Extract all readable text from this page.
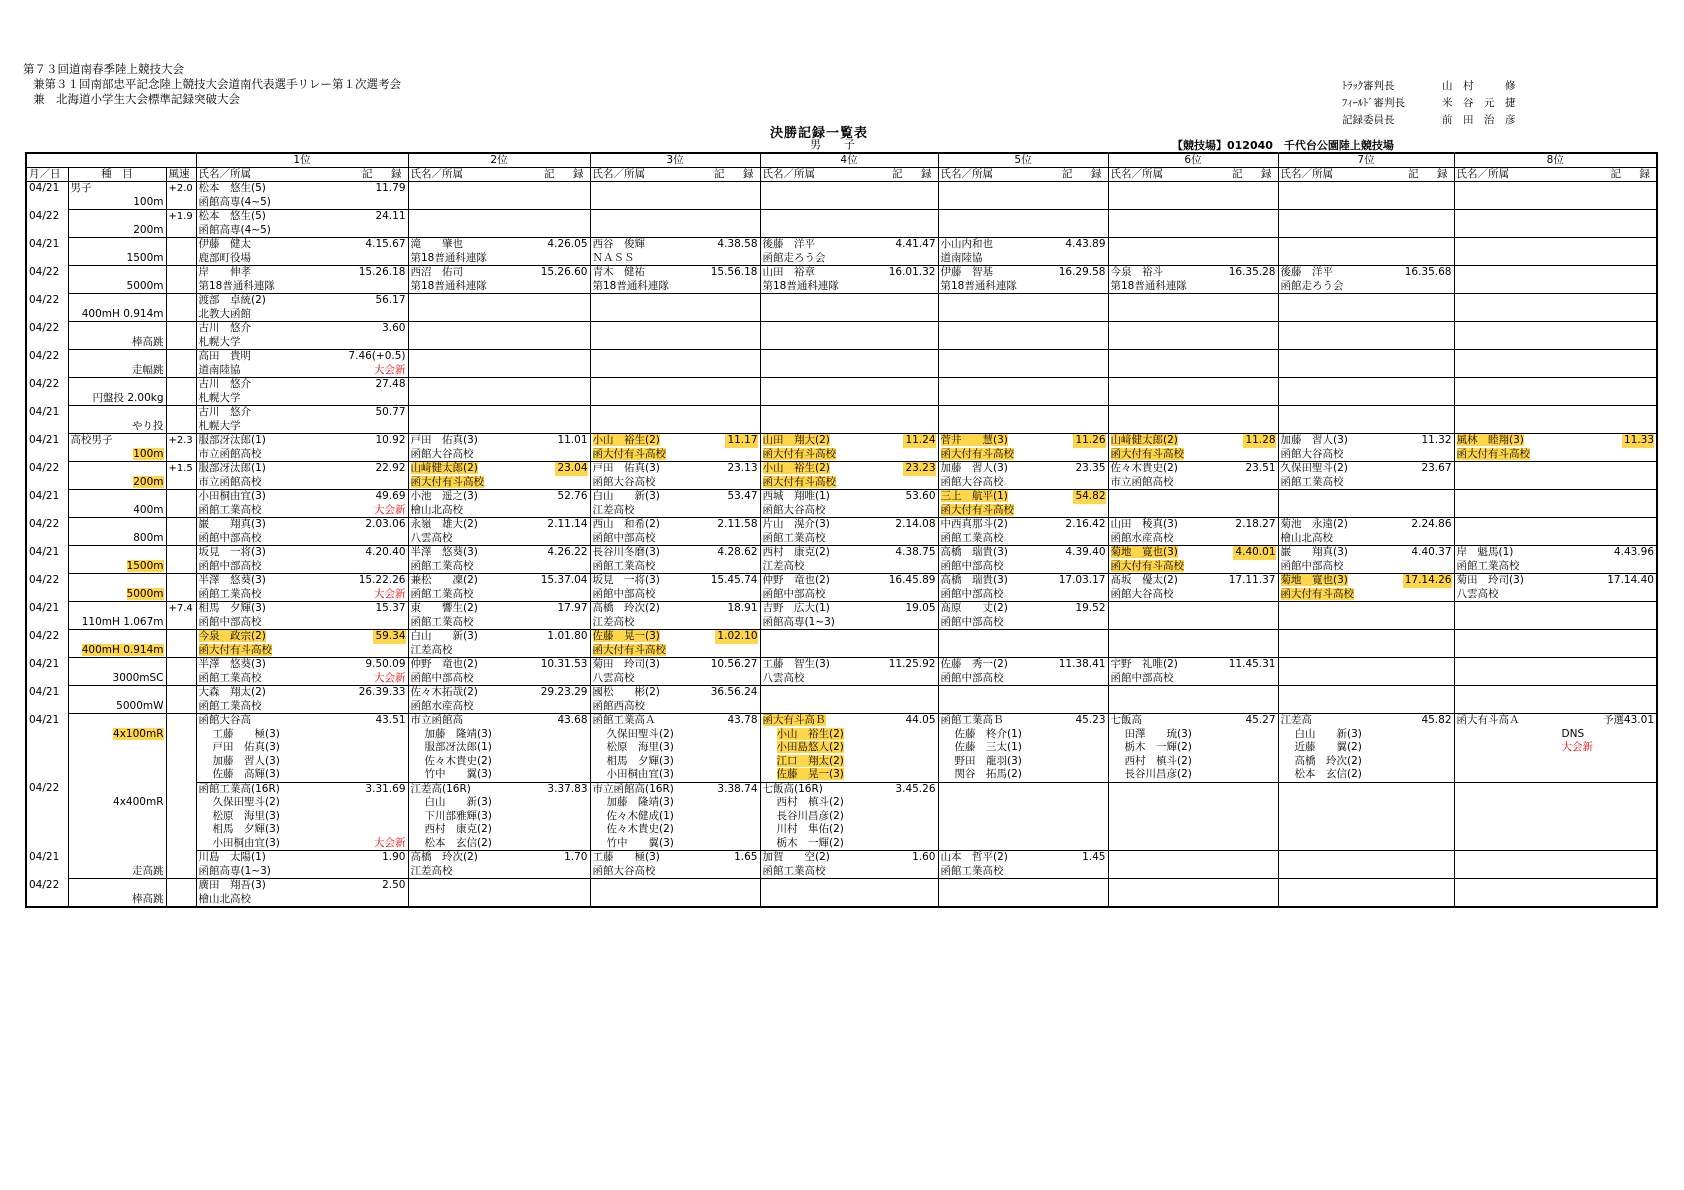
第７３回道南春季陸上競技大会
兼第３１回南部忠平記念陸上競技大会道南代表選手リレー第１次選考会
兼　北海道小学生大会標準記録突破大会
ﾄﾗｯｸ審判長	山　村　　　修
ﾌｨｰﾙﾄﾞ審判長	米　谷　元　捷
記録委員長	前　田　治　彦
決勝記録一覧表
男　子	【競技場】012040　千代台公園陸上競技場
			1位	2位	3位	4位	5位	6位	7位	8位
月／日	種　目	風速	氏名／所属 記　録	氏名／所属 記　録	氏名／所属 記　録	氏名／所属 記　録	氏名／所属 記　録	氏名／所属 記　録	氏名／所属 記　録	氏名／所属 記　録

04/21	男子	+2.0	松本　悠生(5) 11.79							

	100m		函館高専(4~5)							

04/22		+1.9	松本　悠生(5) 24.11							

	200m		函館高専(4~5)							

04/21			伊藤　健太 4.15.67	滝　　肇也 4.26.05	西谷　俊輝 4.38.58	後藤　洋平 4.41.47	小山内和也 4.43.89			

	1500m		鹿部町役場	第18普通科連隊	ＮＡＳＳ	函館走ろう会	道南陸協			

04/22			岸　　伸孝 15.26.18	西沼　佑司 15.26.60	青木　健祐 15.56.18	山田　裕章 16.01.32	伊藤　智基 16.29.58	今泉　裕斗 16.35.28	後藤　洋平 16.35.68	

	5000m		第18普通科連隊	第18普通科連隊	第18普通科連隊	第18普通科連隊	第18普通科連隊	第18普通科連隊	函館走ろう会	

04/22			渡部　卓統(2) 56.17							

	400mH 0.914m		北教大函館							

04/22			古川　悠介 3.60							

	棒高跳		札幌大学							

04/22			高田　貴明 7.46(+0.5)							

	走幅跳		道南陸協 大会新							

04/22			古川　悠介 27.48							

	円盤投 2.00kg		札幌大学							

04/21			古川　悠介 50.77							

	やり投		札幌大学							

04/21	高校男子	+2.3	服部冴汰郎(1) 10.92	戸田　佑真(3) 11.01	小山　裕生(2) 11.17	山田　翔大(2) 11.24	菅井　　慧(3) 11.26	山﨑健太郎(2) 11.28	加藤　習人(3) 11.32	風林　睦翔(3) 11.33

	100m		市立函館高校	函館大谷高校	函大付有斗高校	函大付有斗高校	函大付有斗高校	函大付有斗高校	函館大谷高校	函大付有斗高校

04/22		+1.5	服部冴汰郎(1) 22.92	山﨑健太郎(2) 23.04	戸田　佑真(3) 23.13	小山　裕生(2) 23.23	加藤　習人(3) 23.35	佐々木貴史(2) 23.51	久保田聖斗(2) 23.67	

	200m		市立函館高校	函大付有斗高校	函館大谷高校	函大付有斗高校	函館大谷高校	市立函館高校	函館工業高校	

04/21			小田桐由宜(3) 49.69	小池　遥之(3) 52.76	白山　　新(3) 53.47	西城　翔唯(1) 53.60	三上　航平(1) 54.82			

	400m		函館工業高校 大会新	檜山北高校	江差高校	函館大谷高校	函大付有斗高校			

04/22			巌　　翔真(3) 2.03.06	永嶺　雄大(2) 2.11.14	西山　和希(2) 2.11.58	片山　滉介(3) 2.14.08	中西真那斗(2) 2.16.42	山田　稜真(3) 2.18.27	菊池　永遠(2) 2.24.86	

	800m		函館中部高校	八雲高校	函館中部高校	函館工業高校	函館工業高校	函館水産高校	檜山北高校	

04/21			坂見　一将(3) 4.20.40	半澤　悠葵(3) 4.26.22	長谷川冬磨(3) 4.28.62	西村　康克(2) 4.38.75	高橋　瑞貴(3) 4.39.40	菊地　寛也(3) 4.40.01	巌　　翔真(3) 4.40.37	岸　魁馬(1) 4.43.96

	1500m		函館中部高校	函館工業高校	函館工業高校	江差高校	函館中部高校	函大付有斗高校	函館中部高校	函館工業高校

04/22			半澤　悠葵(3) 15.22.26	兼松　　凜(2) 15.37.04	坂見　一将(3) 15.45.74	仲野　竜也(2) 16.45.89	高橋　瑞貴(3) 17.03.17	髙坂　優太(2) 17.11.37	菊地　寛也(3) 17.14.26	菊田　玲司(3) 17.14.40

	5000m		函館工業高校 大会新	函館工業高校	函館中部高校	函館中部高校	函館中部高校	函館大谷高校	函大付有斗高校	八雲高校

04/21		+7.4	相馬　夕輝(3) 15.37	東　　響生(2) 17.97	高橋　玲次(2) 18.91	吉野　広大(1) 19.05	髙原　　丈(2) 19.52			

	110mH 1.067m		函館中部高校	函館工業高校	江差高校	函館高専(1~3)	函館中部高校			

04/22			今泉　政宗(2) 59.34	白山　　新(3) 1.01.80	佐藤　晃一(3) 1.02.10					

	400mH 0.914m		函大付有斗高校	江差高校	函大付有斗高校					

04/21			半澤　悠葵(3) 9.50.09	仲野　竜也(2) 10.31.53	菊田　玲司(3) 10.56.27	工藤　智生(3) 11.25.92	佐藤　秀一(2) 11.38.41	宇野　礼唯(2) 11.45.31		

	3000mSC		函館工業高校 大会新	函館中部高校	八雲高校	八雲高校	函館中部高校	函館中部高校		

04/21			大森　翔太(2) 26.39.33	佐々木拓哉(2) 29.23.29	國松　　彬(2) 36.56.24					

	5000mW		函館工業高校	函館水産高校	函館西高校					

04/21	4x100mR		函館大谷高 43.51	市立函館高 43.68	函館工業高Ａ 43.78	函大有斗高Ｂ 44.05	函館工業高Ｂ 45.23	七飯高 45.27	江差高 45.82	函大有斗高Ａ 予選43.01

			工藤　　極(3)	加藤　隆靖(3)	久保田聖斗(2)	小山　裕生(2)	佐藤　柊介(1)	田澤　　琉(3)	白山　　新(3)	DNS

			戸田　佑真(3)	服部冴汰郎(1)	松原　海里(3)	小田島悠人(2)	佐藤　三太(1)	栃木　一輝(2)	近藤　　翼(2)	大会新

			加藤　習人(3)	佐々木貴史(2)	相馬　夕輝(3)	江口　翔太(2)	野田　龍羽(3)	西村　槙斗(2)	高橋　玲次(2)	

			佐藤　高輝(3)	竹中　　翼(3)	小田桐由宜(3)	佐藤　晃一(3)	関谷　拓馬(2)	長谷川昌彦(2)	松本　玄信(2)	

04/22	4x400mR		函館工業高(16R) 3.31.69	江差高(16R) 3.37.83	市立函館高(16R) 3.38.74	七飯高(16R) 3.45.26				

			久保田聖斗(2)	白山　　新(3)	加藤　隆靖(3)	西村　槙斗(2)				

			松原　海里(3)	下川部雅輝(3)	佐々木健成(1)	長谷川昌彦(2)				

			相馬　夕輝(3)	西村　康克(2)	佐々木貴史(2)	川村　隼佑(2)				

			小田桐由宜(3) 大会新	松本　玄信(2)	竹中　　翼(3)	栃木　一輝(2)				

04/21			川島　太陽(1) 1.90	高橋　玲次(2) 1.70	工藤　　極(3) 1.65	加賀　　空(2) 1.60	山本　哲平(2) 1.45			

	走高跳		函館高専(1~3)	江差高校	函館大谷高校	函館工業高校	函館工業高校			

04/22			廣田　翔吾(3) 2.50							

	棒高跳		檜山北高校							
